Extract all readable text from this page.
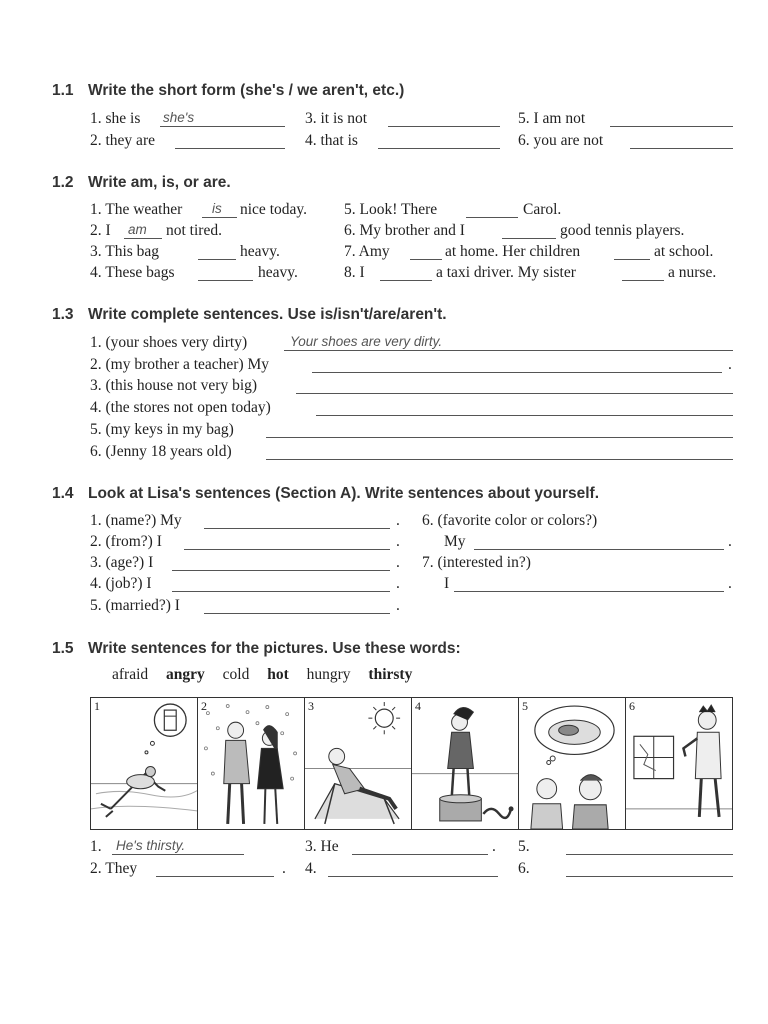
1.1 Write the short form (she's / we aren't, etc.)
1. she is she's
2. they are
3. it is not
4. that is
5. I am not
6. you are not
1.2 Write am, is, or are.
1. The weather is nice today.
2. I am not tired.
3. This bag	heavy.
4. These bags	heavy.
5. Look! There	Carol.
6. My brother and I	good tennis players.
7. Amy	at home. Her children	at school.
8. I	a taxi driver. My sister	a nurse.
1.3 Write complete sentences. Use is/isn't/are/aren't.
1. (your shoes very dirty)	Your shoes are very dirty.
2. (my brother a teacher) My	.
3. (this house not very big)
4. (the stores not open today)
5. (my keys in my bag)
6. (Jenny 18 years old)
1.4 Look at Lisa's sentences (Section A). Write sentences about yourself.
1. (name?) My	.
2. (from?) I	.
3. (age?) I	.
4. (job?) I	.
5. (married?) I	.
6. (favorite color or colors?)
My	.
7. (interested in?)
I	.
1.5 Write sentences for the pictures. Use these words:
afraid angry cold hot hungry thirsty
1	2	3	4	5	6
1. He's thirsty.
2. They	.
3. He	.
4.
5.
6.
